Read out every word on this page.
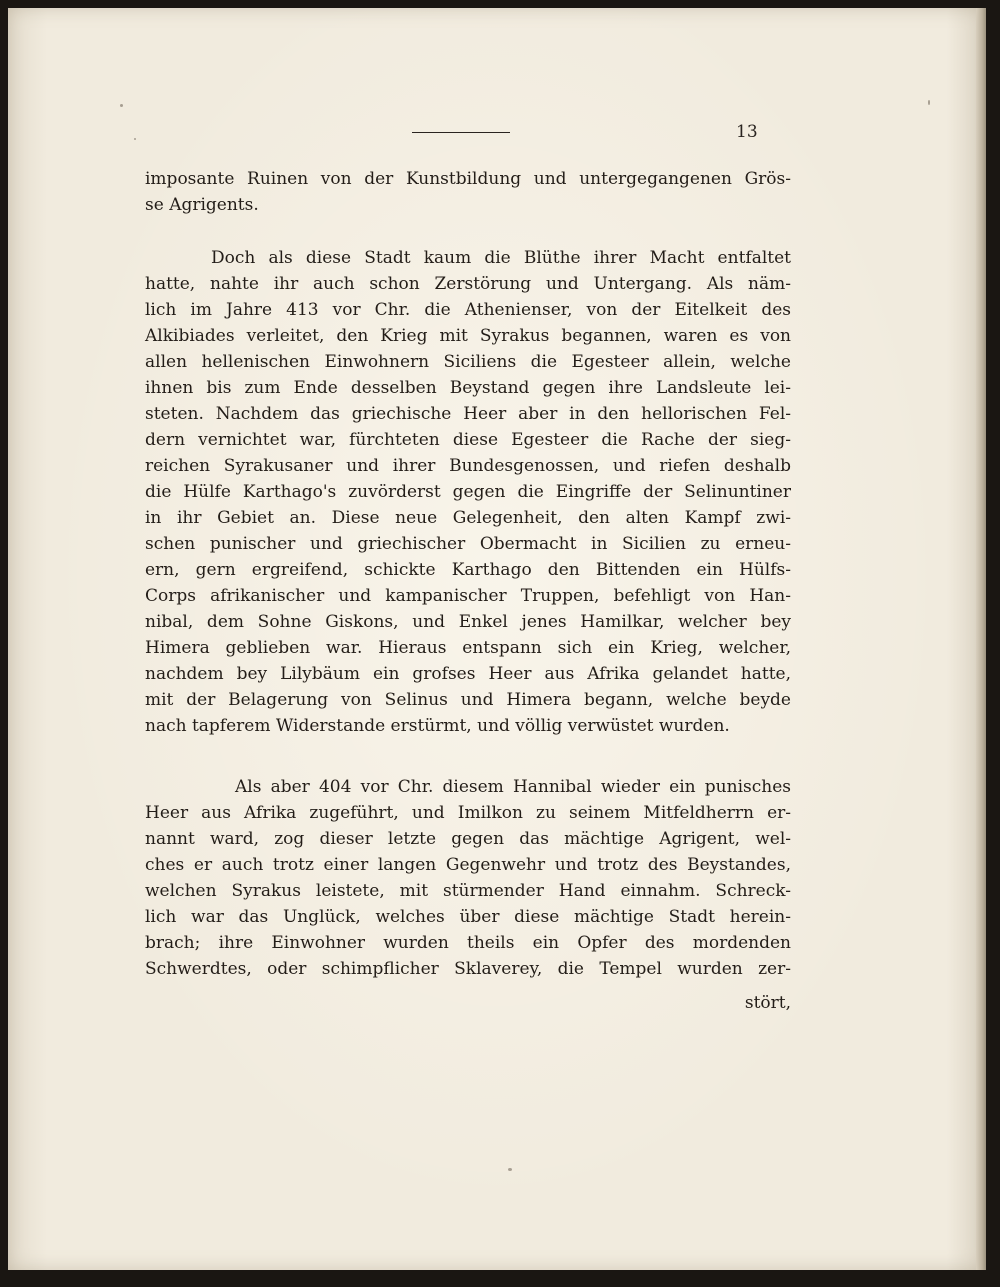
13
imposante Ruinen von der Kunstbildung und untergegangenen Grös-
se Agrigents.
Doch als diese Stadt kaum die Blüthe ihrer Macht entfaltet
hatte, nahte ihr auch schon Zerstörung und Untergang. Als näm-
lich im Jahre 413 vor Chr. die Athenienser, von der Eitelkeit des
Alkibiades verleitet, den Krieg mit Syrakus begannen, waren es von
allen hellenischen Einwohnern Siciliens die Egesteer allein, welche
ihnen bis zum Ende desselben Beystand gegen ihre Landsleute lei-
steten. Nachdem das griechische Heer aber in den hellorischen Fel-
dern vernichtet war, fürchteten diese Egesteer die Rache der sieg-
reichen Syrakusaner und ihrer Bundesgenossen, und riefen deshalb
die Hülfe Karthago's zuvörderst gegen die Eingriffe der Selinuntiner
in ihr Gebiet an. Diese neue Gelegenheit, den alten Kampf zwi-
schen punischer und griechischer Obermacht in Sicilien zu erneu-
ern, gern ergreifend, schickte Karthago den Bittenden ein Hülfs-
Corps afrikanischer und kampanischer Truppen, befehligt von Han-
nibal, dem Sohne Giskons, und Enkel jenes Hamilkar, welcher bey
Himera geblieben war. Hieraus entspann sich ein Krieg, welcher,
nachdem bey Lilybäum ein grofses Heer aus Afrika gelandet hatte,
mit der Belagerung von Selinus und Himera begann, welche beyde
nach tapferem Widerstande erstürmt, und völlig verwüstet wurden.
Als aber 404 vor Chr. diesem Hannibal wieder ein punisches
Heer aus Afrika zugeführt, und Imilkon zu seinem Mitfeldherrn er-
nannt ward, zog dieser letzte gegen das mächtige Agrigent, wel-
ches er auch trotz einer langen Gegenwehr und trotz des Beystandes,
welchen Syrakus leistete, mit stürmender Hand einnahm. Schreck-
lich war das Unglück, welches über diese mächtige Stadt herein-
brach; ihre Einwohner wurden theils ein Opfer des mordenden
Schwerdtes, oder schimpflicher Sklaverey, die Tempel wurden zer-
stört,
